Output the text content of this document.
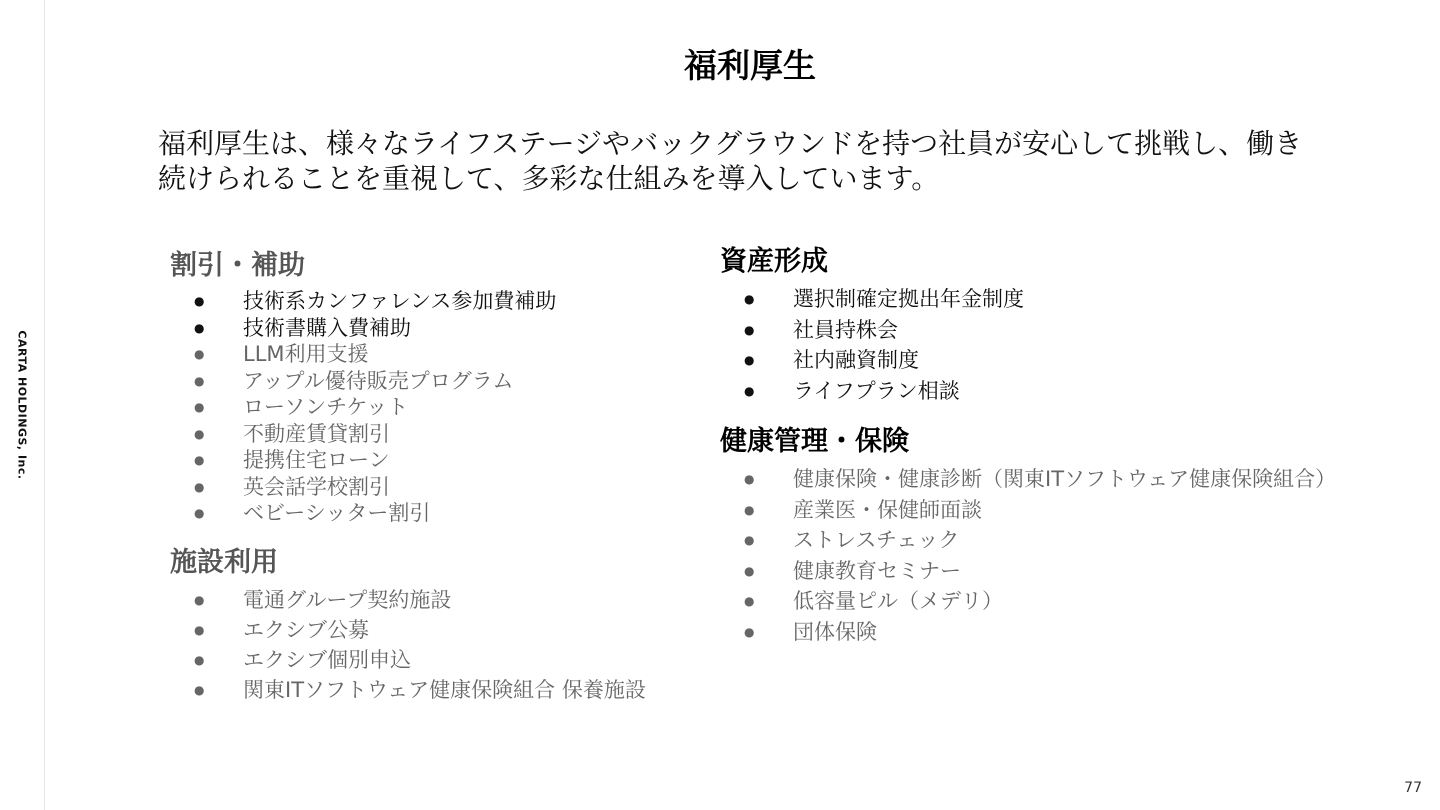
CARTA HOLDINGS, Inc.
福利厚生

福利厚生は、様々なライフステージやバックグラウンドを持つ社員が安心して挑戦し、働き続けられることを重視して、多彩な仕組みを導入しています。

割引・補助
● 技術系カンファレンス参加費補助
● 技術書購入費補助
● LLM利用支援
● アップル優待販売プログラム
● ローソンチケット
● 不動産賃貸割引
● 提携住宅ローン
● 英会話学校割引
● ベビーシッター割引
施設利用
● 電通グループ契約施設
● エクシブ公募
● エクシブ個別申込
● 関東ITソフトウェア健康保険組合 保養施設
資産形成
● 選択制確定拠出年金制度
● 社員持株会
● 社内融資制度
● ライフプラン相談
健康管理・保険
● 健康保険・健康診断（関東ITソフトウェア健康保険組合）
● 産業医・保健師面談
● ストレスチェック
● 健康教育セミナー
● 低容量ピル（メデリ）
● 団体保険
77
